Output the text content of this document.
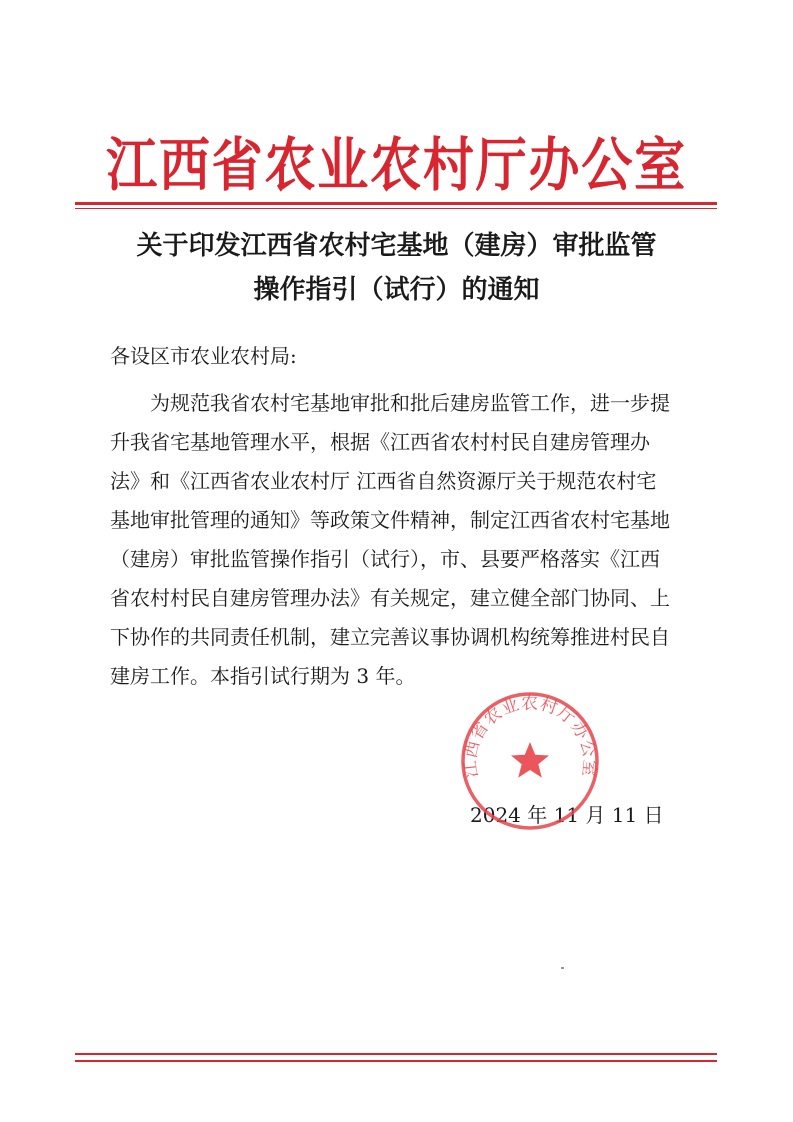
江西省农业农村厅办公室
关于印发江西省农村宅基地（建房）审批监管
操作指引（试行）的通知
各设区市农业农村局:
为规范我省农村宅基地审批和批后建房监管工作，进一步提
升我省宅基地管理水平，根据《江西省农村村民自建房管理办
法》和《江西省农业农村厅 江西省自然资源厅关于规范农村宅
基地审批管理的通知》等政策文件精神，制定江西省农村宅基地
（建房）审批监管操作指引（试行），市、县要严格落实《江西
省农村村民自建房管理办法》有关规定，建立健全部门协同、上
下协作的共同责任机制，建立完善议事协调机构统筹推进村民自
建房工作。本指引试行期为 3 年。
2024 年 11 月 11 日
江西省农业农村厅办公室
